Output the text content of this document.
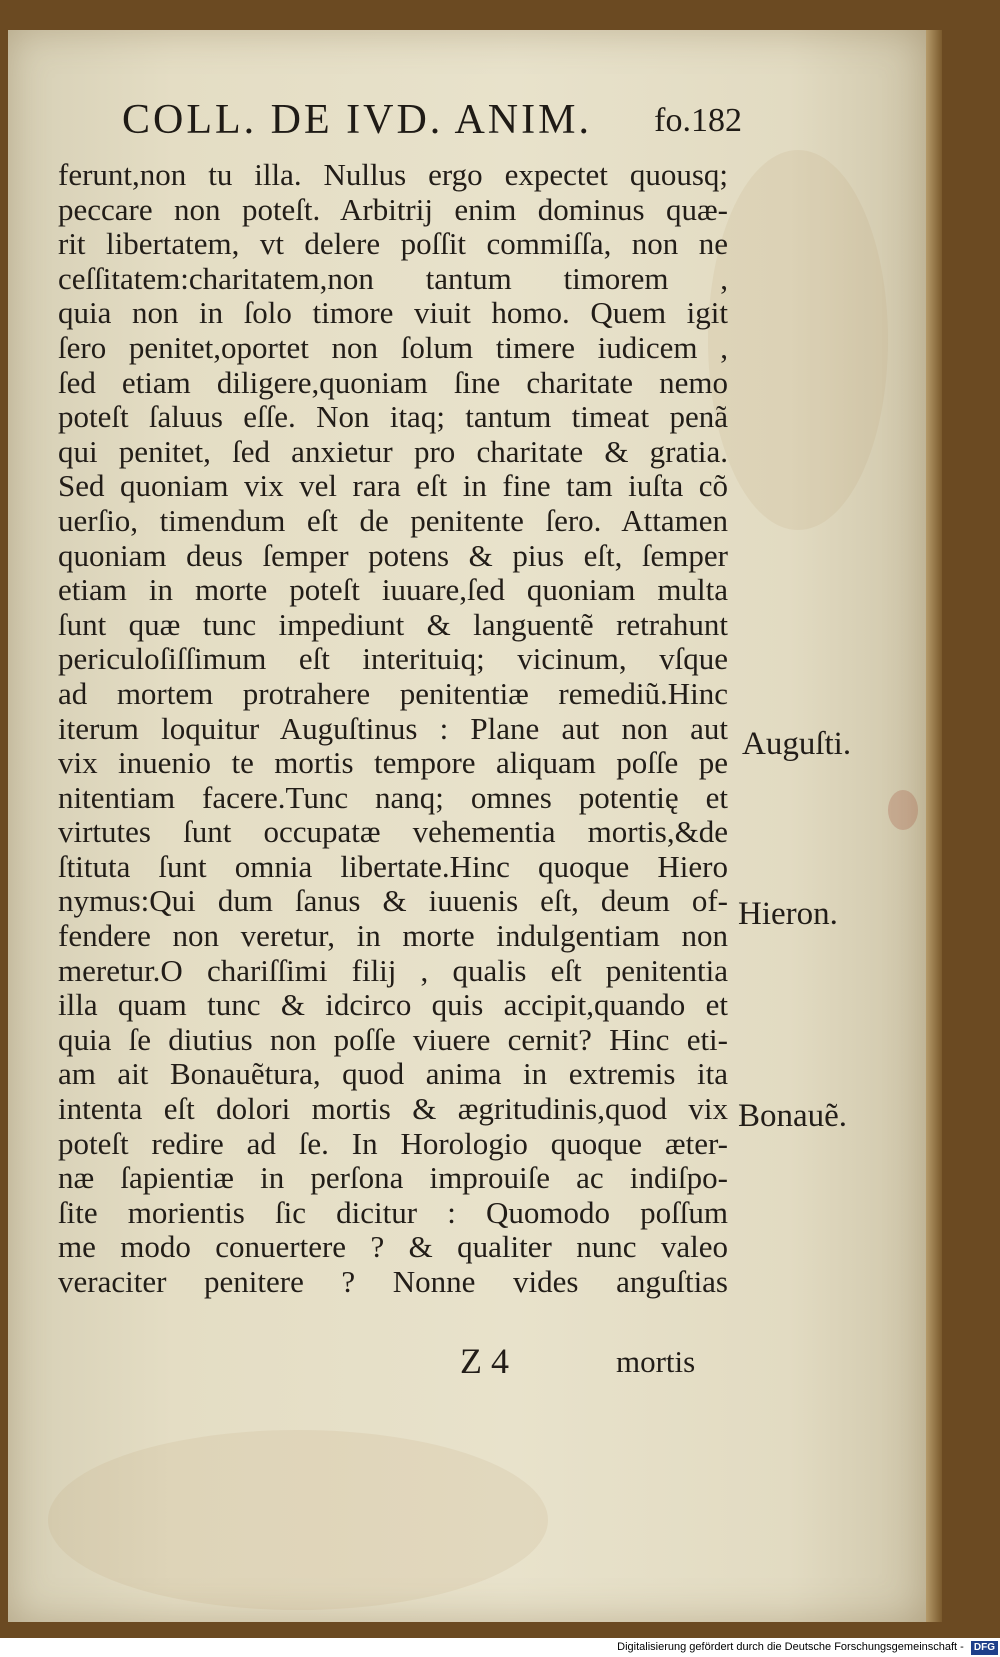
COLL. DE IVD. ANIM. fo.182
ferunt,non tu illa. Nullus ergo expectet quousq;
peccare non poteſt. Arbitrij enim dominus quæ-
rit libertatem, vt delere poſſit commiſſa, non ne
ceſſitatem:charitatem,non tantum timorem ,
quia non in ſolo timore viuit homo. Quem igit
ſero penitet,oportet non ſolum timere iudicem ,
ſed etiam diligere,quoniam ſine charitate nemo
poteſt ſaluus eſſe. Non itaq; tantum timeat penã
qui penitet, ſed anxietur pro charitate & gratia.
Sed quoniam vix vel rara eſt in fine tam iuſta cõ
uerſio, timendum eſt de penitente ſero. Attamen
quoniam deus ſemper potens & pius eſt, ſemper
etiam in morte poteſt iuuare,ſed quoniam multa
ſunt quæ tunc impediunt & languentẽ retrahunt
periculoſiſſimum eſt interituiq; vicinum, vſque
ad mortem protrahere penitentiæ remediũ.Hinc
iterum loquitur Auguſtinus : Plane aut non aut
vix inuenio te mortis tempore aliquam poſſe pe
nitentiam facere.Tunc nanq; omnes potentię et
virtutes ſunt occupatæ vehementia mortis,&de
ſtituta ſunt omnia libertate.Hinc quoque Hiero
nymus:Qui dum ſanus & iuuenis eſt, deum of-
fendere non veretur, in morte indulgentiam non
meretur.O chariſſimi filij , qualis eſt penitentia
illa quam tunc & idcirco quis accipit,quando et
quia ſe diutius non poſſe viuere cernit? Hinc eti-
am ait Bonauẽtura, quod anima in extremis ita
intenta eſt dolori mortis & ægritudinis,quod vix
poteſt redire ad ſe. In Horologio quoque æter-
næ ſapientiæ in perſona improuiſe ac indiſpo-
ſite morientis ſic dicitur : Quomodo poſſum
me modo conuertere ? & qualiter nunc valeo
veraciter penitere ? Nonne vides anguſtias
Auguſti.
Hieron.
Bonauẽ.
Z 4	mortis
Digitalisierung gefördert durch die Deutsche Forschungsgemeinschaft - DFG
